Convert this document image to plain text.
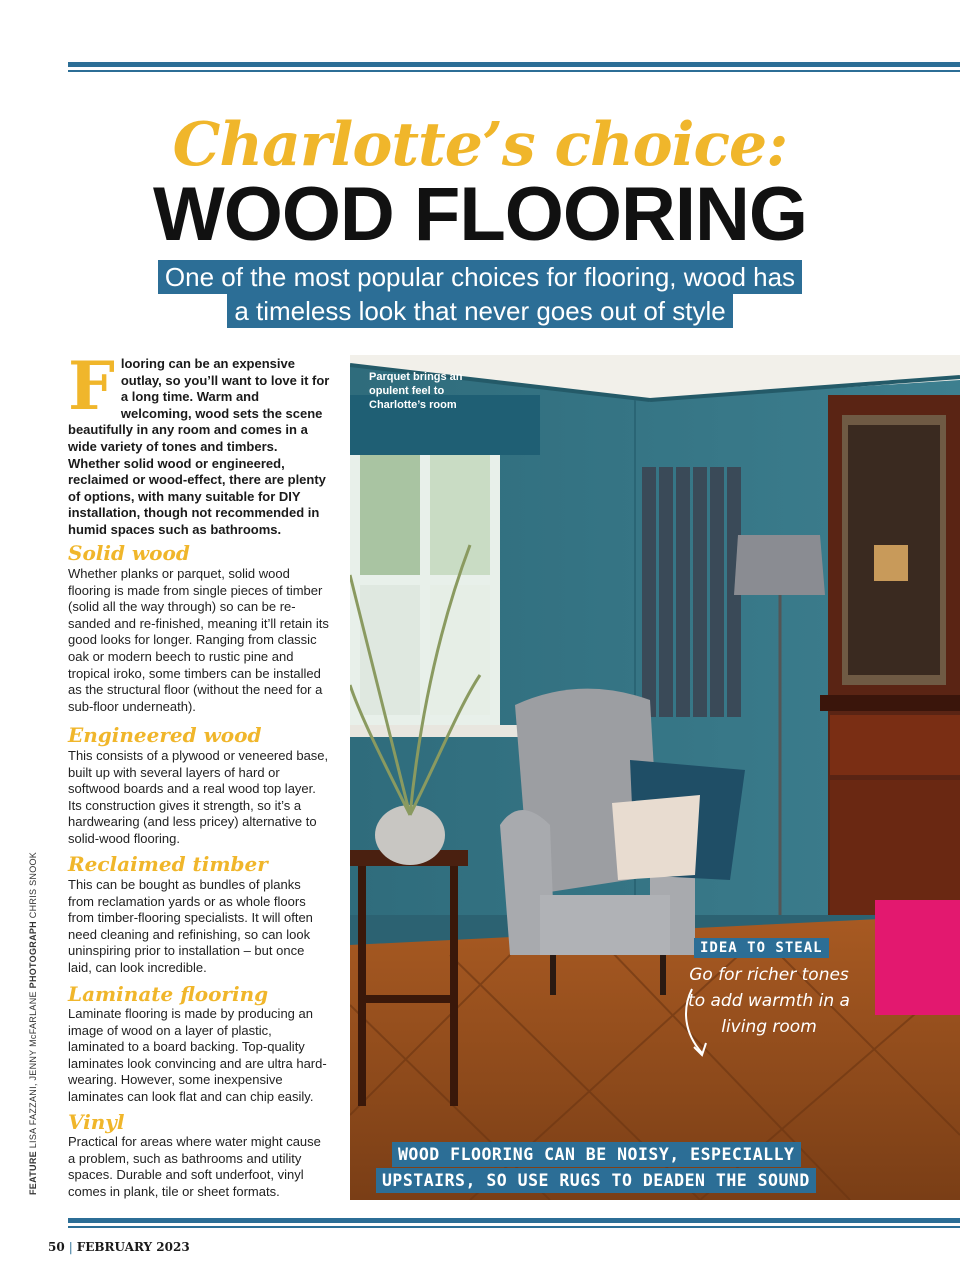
Charlotte’s choice:
WOOD FLOORING
One of the most popular choices for flooring, wood has
a timeless look that never goes out of style
Flooring can be an expensive outlay, so you’ll want to love it for a long time. Warm and welcoming, wood sets the scene beautifully in any room and comes in a wide variety of tones and timbers. Whether solid wood or engineered, reclaimed or wood-effect, there are plenty of options, with many suitable for DIY installation, though not recommended in humid spaces such as bathrooms.
Solid wood
Whether planks or parquet, solid wood flooring is made from single pieces of timber (solid all the way through) so can be re-sanded and re-finished, meaning it’ll retain its good looks for longer. Ranging from classic oak or modern beech to rustic pine and tropical iroko, some timbers can be installed as the structural floor (without the need for a sub-floor underneath).
Engineered wood
This consists of a plywood or veneered base, built up with several layers of hard or softwood boards and a real wood top layer. Its construction gives it strength, so it’s a hardwearing (and less pricey) alternative to solid-wood flooring.
Reclaimed timber
This can be bought as bundles of planks from reclamation yards or as whole floors from timber-flooring specialists. It will often need cleaning and refinishing, so can look uninspiring prior to installation – but once laid, can look incredible.
Laminate flooring
Laminate flooring is made by producing an image of wood on a layer of plastic, laminated to a board backing. Top-quality laminates look convincing and are ultra hard-wearing. However, some inexpensive laminates can look flat and can chip easily.
Vinyl
Practical for areas where water might cause a problem, such as bathrooms and utility spaces. Durable and soft underfoot, vinyl comes in plank, tile or sheet formats.
FEATURE LISA FAZZANI, JENNY McFARLANE PHOTOGRAPH CHRIS SNOOK
Parquet brings an opulent feel to Charlotte’s room
IDEA TO STEAL
Go for richer tones to add warmth in a living room
WOOD FLOORING CAN BE NOISY, ESPECIALLY
UPSTAIRS, SO USE RUGS TO DEADEN THE SOUND
50 | FEBRUARY 2023
